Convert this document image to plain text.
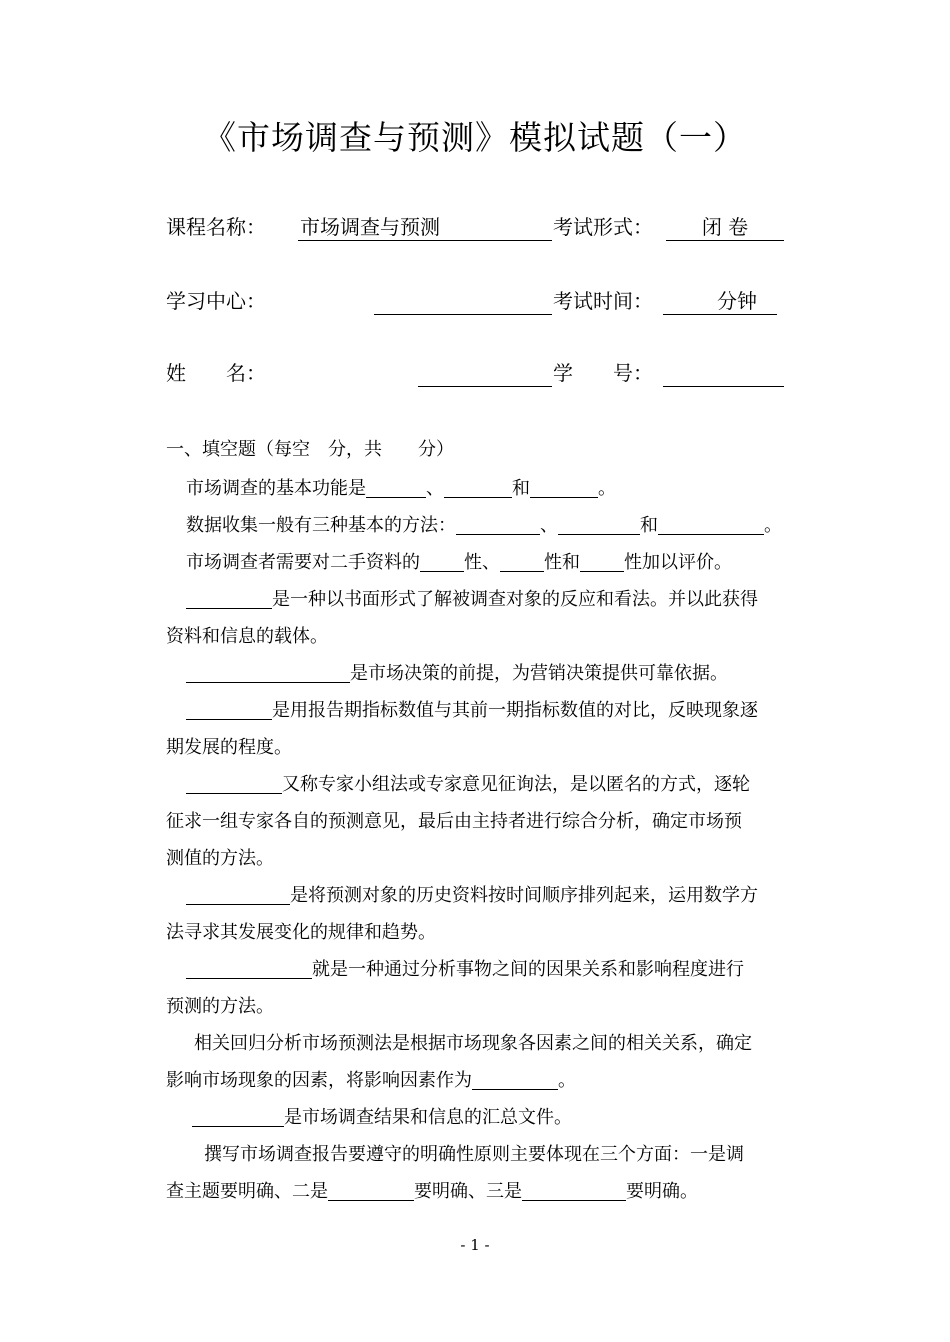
《市场调查与预测》模拟试题（一）
课程名称： 市场调查与预测	考试形式：	闭 卷
学习中心：	考试时间：	分钟
姓　　名：	学　　号：
一、填空题（每空　分，共　　分）
市场调查的基本功能是	、	和	。
数据收集一般有三种基本的方法：	、	和	。
市场调查者需要对二手资料的 性、 性和 性加以评价。
是一种以书面形式了解被调查对象的反应和看法。并以此获得
资料和信息的载体。
是市场决策的前提，为营销决策提供可靠依据。
是用报告期指标数值与其前一期指标数值的对比，反映现象逐
期发展的程度。
又称专家小组法或专家意见征询法，是以匿名的方式，逐轮
征求一组专家各自的预测意见，最后由主持者进行综合分析，确定市场预
测值的方法。
是将预测对象的历史资料按时间顺序排列起来，运用数学方
法寻求其发展变化的规律和趋势。
就是一种通过分析事物之间的因果关系和影响程度进行
预测的方法。
相关回归分析市场预测法是根据市场现象各因素之间的相关关系，确定
影响市场现象的因素，将影响因素作为	。
是市场调查结果和信息的汇总文件。
撰写市场调查报告要遵守的明确性原则主要体现在三个方面：一是调
查主题要明确、二是	要明确、三是	要明确。
- 1 -
